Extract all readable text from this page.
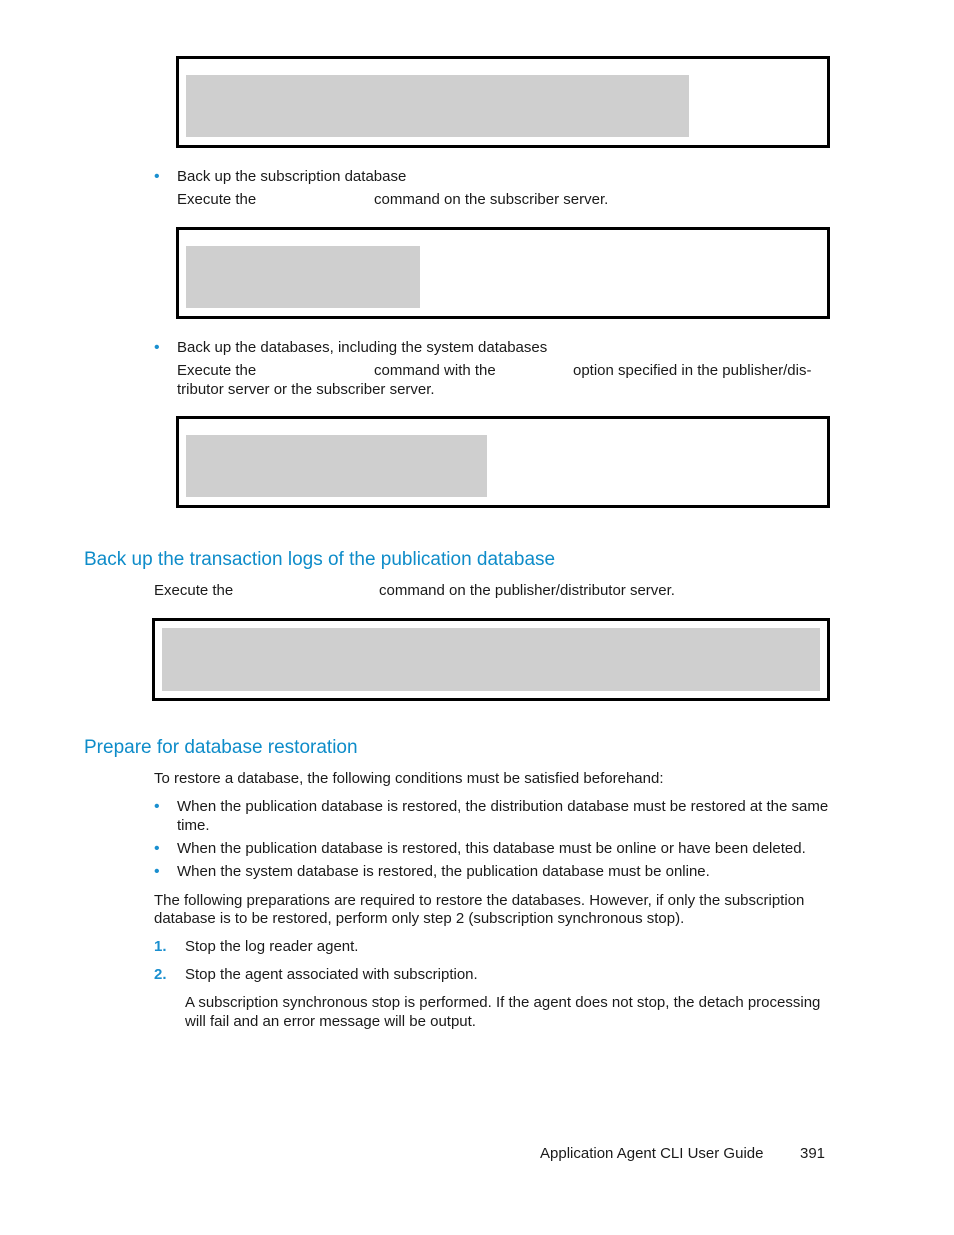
• Back up the subscription database
Execute the	command on the subscriber server.
• Back up the databases, including the system databases
Execute the	command with the	option specified in the publisher/dis-
tributor server or the subscriber server.
Back up the transaction logs of the publication database
Execute the	command on the publisher/distributor server.
Prepare for database restoration
To restore a database, the following conditions must be satisfied beforehand:
• When the publication database is restored, the distribution database must be restored at the same
time.
• When the publication database is restored, this database must be online or have been deleted.
• When the system database is restored, the publication database must be online.
The following preparations are required to restore the databases. However, if only the subscription
database is to be restored, perform only step 2 (subscription synchronous stop).
1. Stop the log reader agent.
2. Stop the agent associated with subscription.
A subscription synchronous stop is performed. If the agent does not stop, the detach processing
will fail and an error message will be output.
Application Agent CLI User Guide 391
